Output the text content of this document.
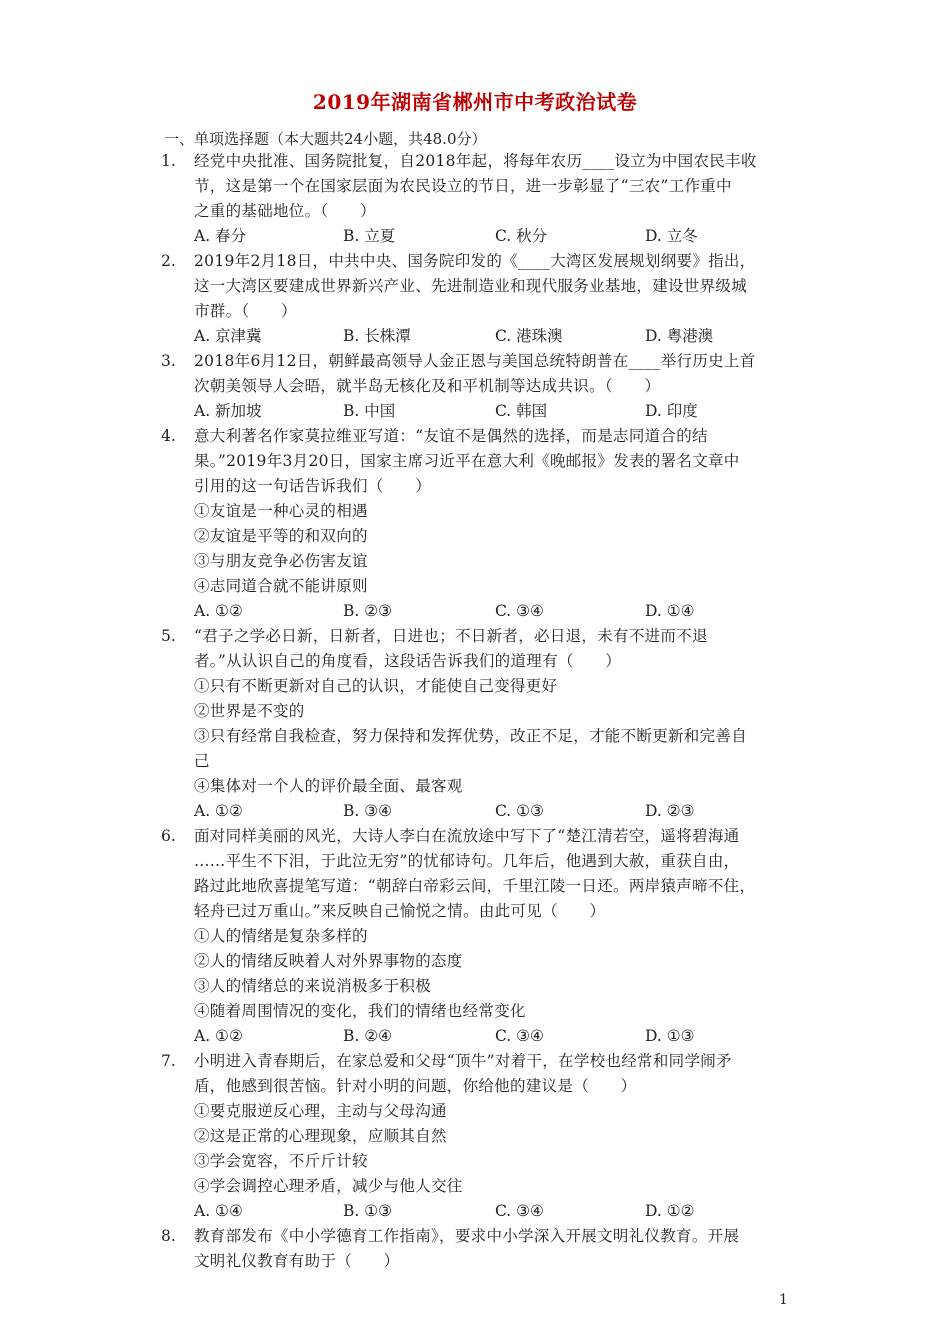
2019年湖南省郴州市中考政治试卷
一、单项选择题（本大题共24小题，共48.0分）
1. 经党中央批准、国务院批复，自2018年起，将每年农历____设立为中国农民丰收
节，这是第一个在国家层面为农民设立的节日，进一步彰显了“三农”工作重中
之重的基础地位。（　　）
A. 春分	B. 立夏	C. 秋分	D. 立冬
2. 2019年2月18日，中共中央、国务院印发的《____大湾区发展规划纲要》指出，
这一大湾区要建成世界新兴产业、先进制造业和现代服务业基地，建设世界级城
市群。（　　）
A. 京津冀	B. 长株潭	C. 港珠澳	D. 粤港澳
3. 2018年6月12日，朝鲜最高领导人金正恩与美国总统特朗普在____举行历史上首
次朝美领导人会晤，就半岛无核化及和平机制等达成共识。（　　）
A. 新加坡	B. 中国	C. 韩国	D. 印度
4. 意大利著名作家莫拉维亚写道：“友谊不是偶然的选择，而是志同道合的结
果。”2019年3月20日，国家主席习近平在意大利《晚邮报》发表的署名文章中
引用的这一句话告诉我们（　　）
①友谊是一种心灵的相遇
②友谊是平等的和双向的
③与朋友竞争必伤害友谊
④志同道合就不能讲原则
A. ①②	B. ②③	C. ③④	D. ①④
5. “君子之学必日新，日新者，日进也；不日新者，必日退，未有不进而不退
者。”从认识自己的角度看，这段话告诉我们的道理有（　　）
①只有不断更新对自己的认识，才能使自己变得更好
②世界是不变的
③只有经常自我检查，努力保持和发挥优势，改正不足，才能不断更新和完善自
己
④集体对一个人的评价最全面、最客观
A. ①②	B. ③④	C. ①③	D. ②③
6. 面对同样美丽的风光，大诗人李白在流放途中写下了“楚江清若空，遥将碧海通
……平生不下泪，于此泣无穷”的忧郁诗句。几年后，他遇到大赦，重获自由，
路过此地欣喜提笔写道：“朝辞白帝彩云间，千里江陵一日还。两岸猿声啼不住，
轻舟已过万重山。”来反映自己愉悦之情。由此可见（　　）
①人的情绪是复杂多样的
②人的情绪反映着人对外界事物的态度
③人的情绪总的来说消极多于积极
④随着周围情况的变化，我们的情绪也经常变化
A. ①②	B. ②④	C. ③④	D. ①③
7. 小明进入青春期后，在家总爱和父母“顶牛”对着干，在学校也经常和同学闹矛
盾，他感到很苦恼。针对小明的问题，你给他的建议是（　　）
①要克服逆反心理，主动与父母沟通
②这是正常的心理现象，应顺其自然
③学会宽容，不斤斤计较
④学会调控心理矛盾，减少与他人交往
A. ①④	B. ①③	C. ③④	D. ①②
8. 教育部发布《中小学德育工作指南》，要求中小学深入开展文明礼仪教育。开展
文明礼仪教育有助于（　　）
1
